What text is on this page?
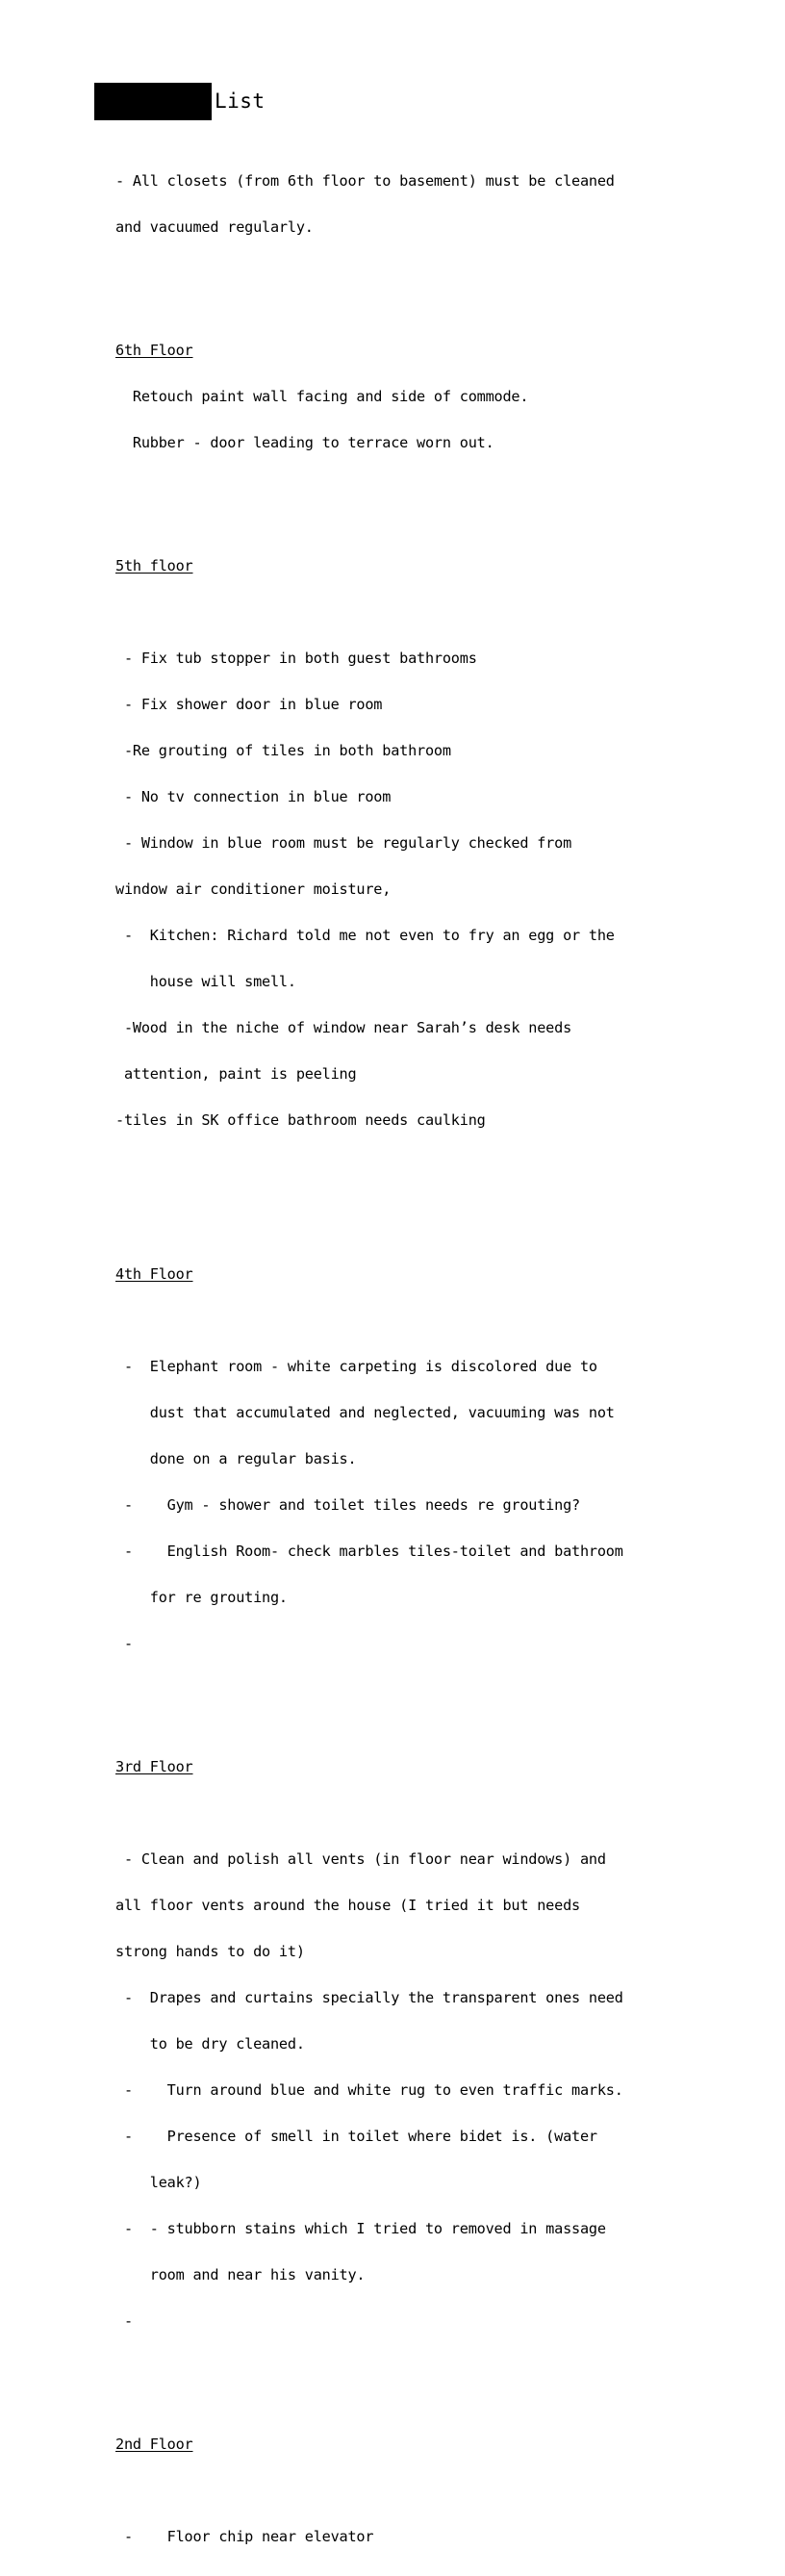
List

- All closets (from 6th floor to basement) must be cleaned

and vacuumed regularly.

6th Floor

Retouch paint wall facing and side of commode.

Rubber - door leading to terrace worn out.

5th floor

- Fix tub stopper in both guest bathrooms

- Fix shower door in blue room

-Re grouting of tiles in both bathroom

- No tv connection in blue room

- Window in blue room must be regularly checked from

window air conditioner moisture,

-  Kitchen: Richard told me not even to fry an egg or the

house will smell.

-Wood in the niche of window near Sarah’s desk needs

attention, paint is peeling

-tiles in SK office bathroom needs caulking

4th Floor

-  Elephant room - white carpeting is discolored due to

dust that accumulated and neglected, vacuuming was not

done on a regular basis.

-    Gym - shower and toilet tiles needs re grouting?

-    English Room- check marbles tiles-toilet and bathroom

for re grouting.

-

3rd Floor

- Clean and polish all vents (in floor near windows) and

all floor vents around the house (I tried it but needs

strong hands to do it)

-  Drapes and curtains specially the transparent ones need

to be dry cleaned.

-    Turn around blue and white rug to even traffic marks.

-    Presence of smell in toilet where bidet is. (water

leak?)

-  - stubborn stains which I tried to removed in massage

room and near his vanity.

-

2nd Floor

-    Floor chip near elevator
